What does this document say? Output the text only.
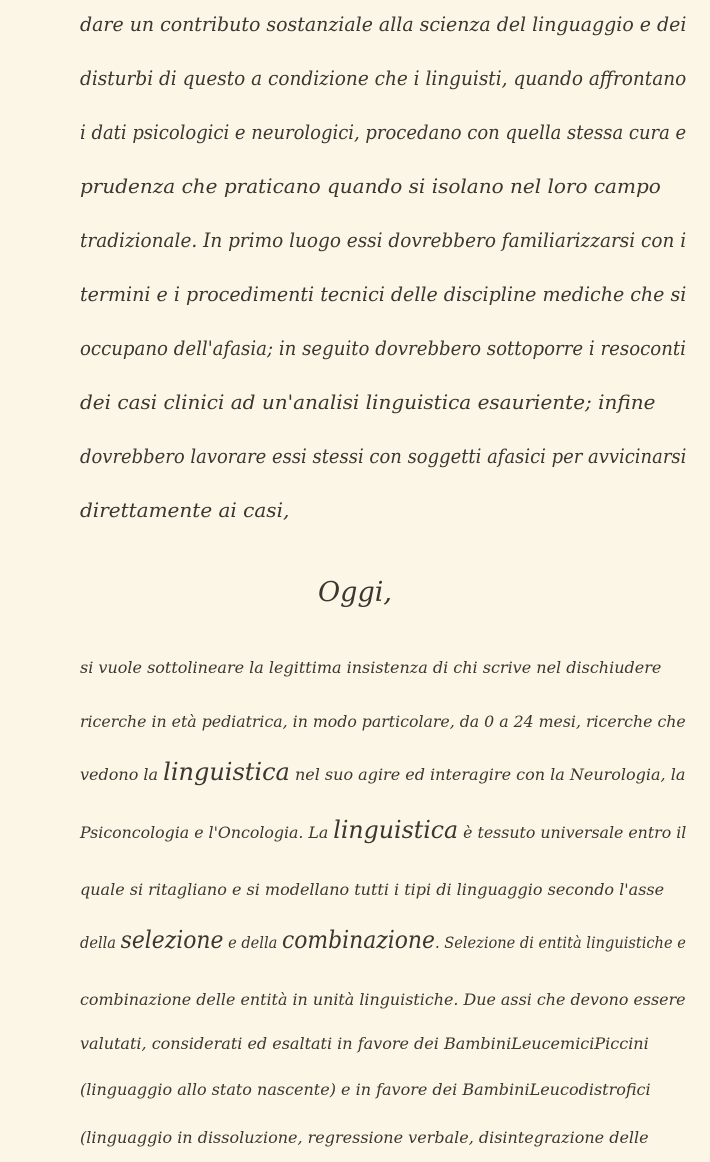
dare un contributo sostanziale alla scienza del linguaggio e dei
disturbi di questo a condizione che i linguisti, quando affrontano
i dati psicologici e neurologici, procedano con quella stessa cura e
prudenza che praticano quando si isolano nel loro campo
tradizionale. In primo luogo essi dovrebbero familiarizzarsi con i
termini e i procedimenti tecnici delle discipline mediche che si
occupano dell'afasia; in seguito dovrebbero sottoporre i resoconti
dei casi clinici ad un'analisi linguistica esauriente; infine
dovrebbero lavorare essi stessi con soggetti afasici per avvicinarsi
direttamente ai casi,
Oggi,
si vuole sottolineare la legittima insistenza di chi scrive nel dischiudere
ricerche in età pediatrica, in modo particolare, da 0 a 24 mesi, ricerche che
vedono la linguistica nel suo agire ed interagire con la Neurologia, la
Psiconcologia e l'Oncologia. La linguistica è tessuto universale entro il
quale si ritagliano e si modellano tutti i tipi di linguaggio secondo l'asse
della selezione e della combinazione. Selezione di entità linguistiche e
combinazione delle entità in unità linguistiche. Due assi che devono essere
valutati, considerati ed esaltati in favore dei BambiniLeucemiciPiccini
(linguaggio allo stato nascente) e in favore dei BambiniLeucodistrofici
(linguaggio in dissoluzione, regressione verbale, disintegrazione delle
